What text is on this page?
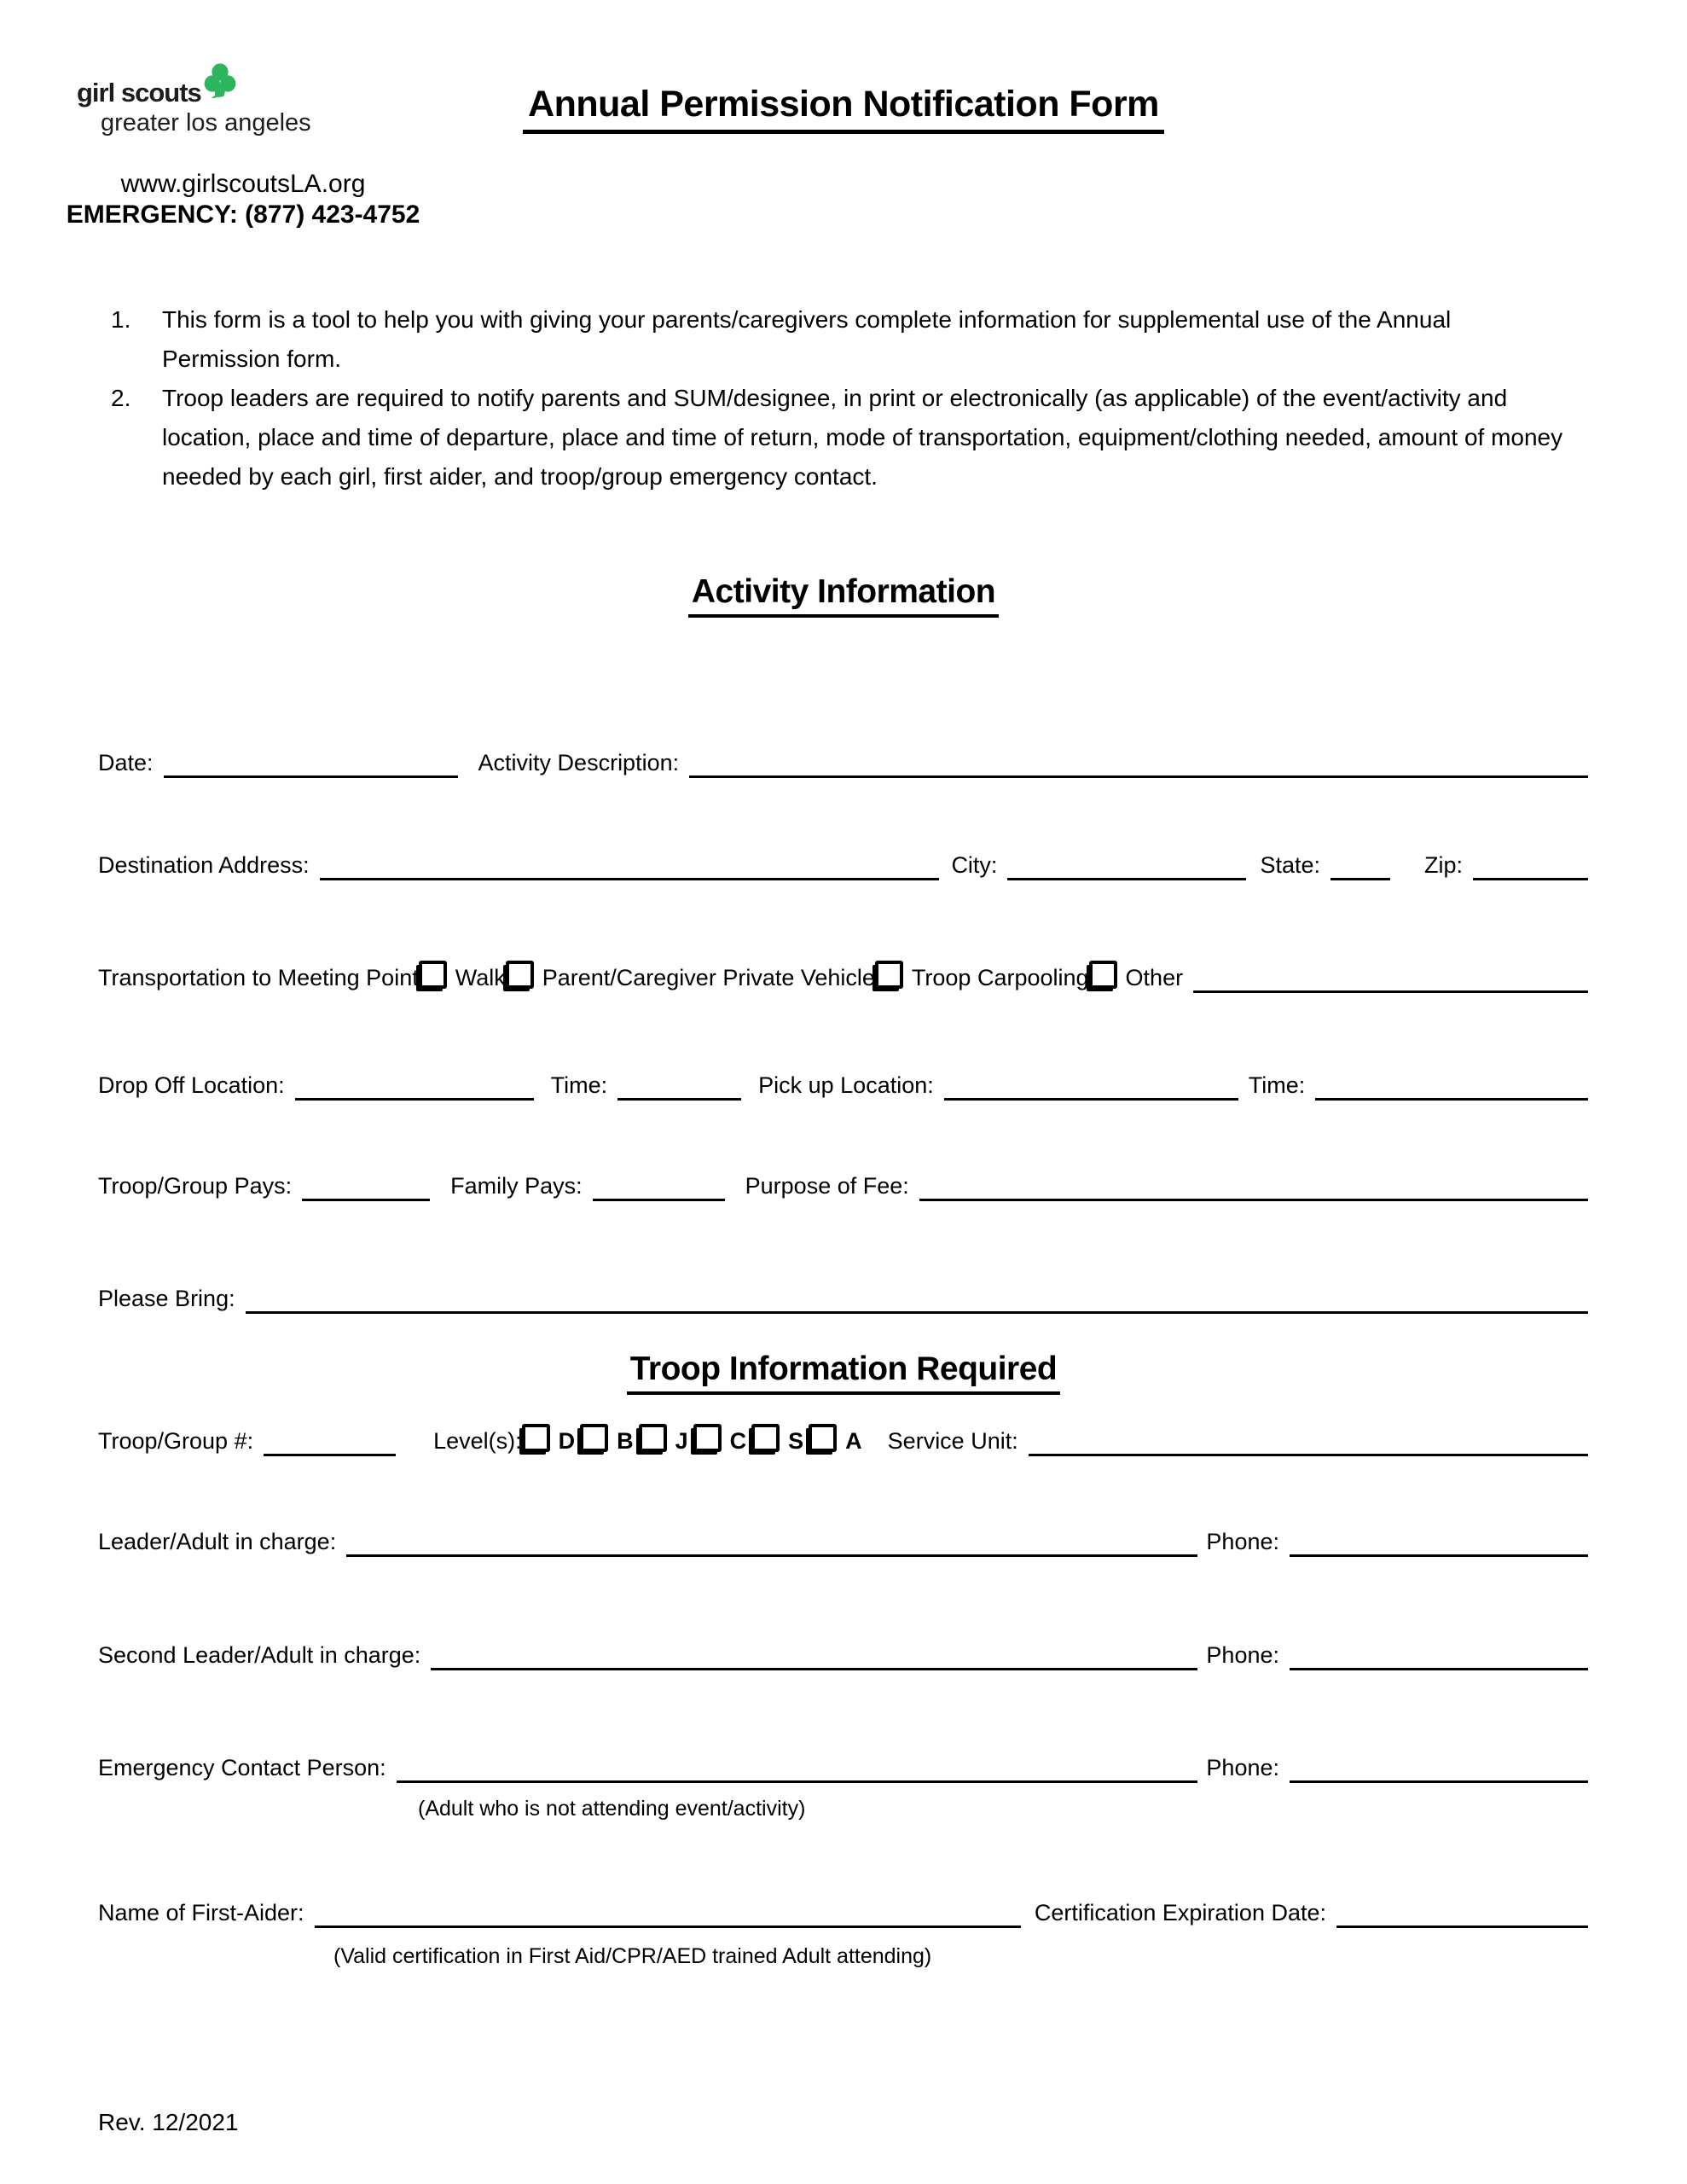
girl scouts
greater los angeles
www.girlscoutsLA.org
EMERGENCY: (877) 423-4752
Annual Permission Notification Form
1.	This form is a tool to help you with giving your parents/caregivers complete information for supplemental use of the Annual Permission form.
2.	Troop leaders are required to notify parents and SUM/designee, in print or electronically (as applicable) of the event/activity and location, place and time of departure, place and time of return, mode of transportation, equipment/clothing needed, amount of money needed by each girl, first aider, and troop/group emergency contact.
Activity Information
Date:	Activity Description:
Destination Address:	City:	State:	Zip:
Transportation to Meeting Point Walk Parent/Caregiver Private Vehicle Troop Carpooling Other
Drop Off Location:	Time:	Pick up Location:	Time:
Troop/Group Pays:	Family Pays:	Purpose of Fee:
Please Bring:
Troop Information Required
Troop/Group #:	Level(s): D B J C S A Service Unit:
Leader/Adult in charge:	Phone:
Second Leader/Adult in charge:	Phone:
Emergency Contact Person:	Phone:
(Adult who is not attending event/activity)
Name of First-Aider:	Certification Expiration Date:
(Valid certification in First Aid/CPR/AED trained Adult attending)
Rev. 12/2021
